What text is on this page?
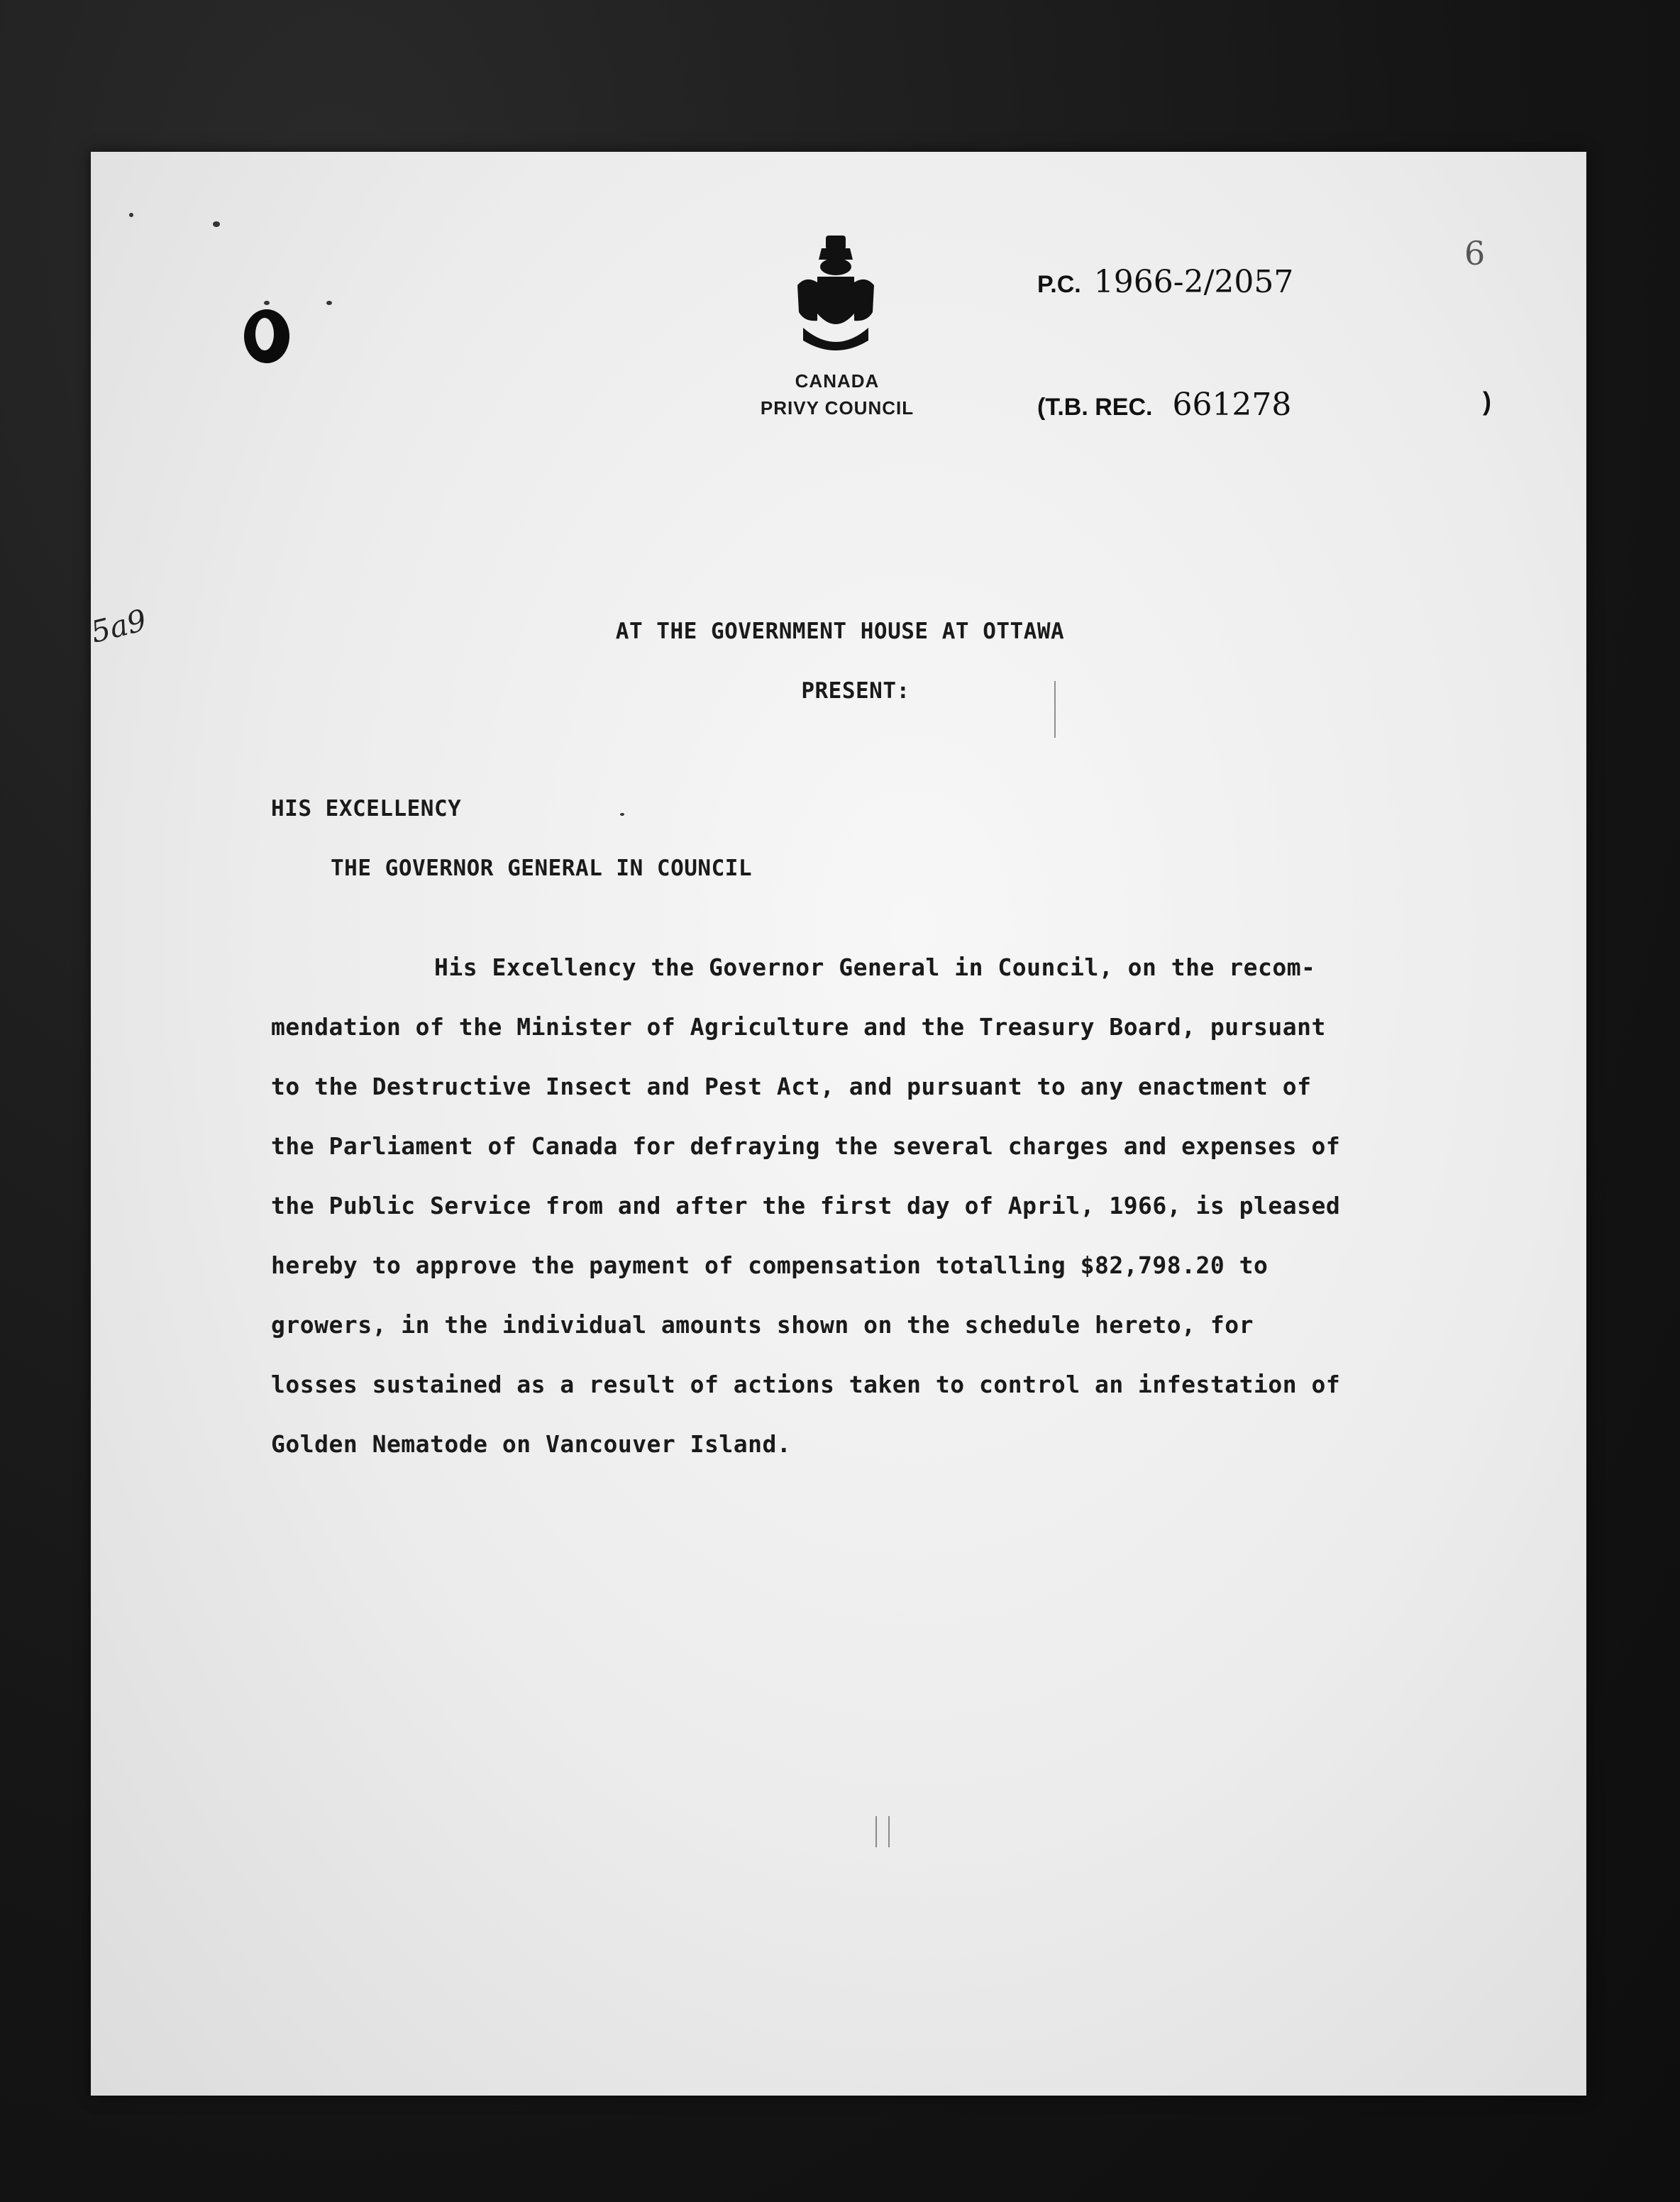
CANADA
PRIVY COUNCIL
P.C. 1966-2/2057
(T.B. REC. 661278	)
6
5a9	AT THE GOVERNMENT HOUSE AT OTTAWA
PRESENT:
HIS EXCELLENCY
THE GOVERNOR GENERAL IN COUNCIL
His Excellency the Governor General in Council, on the recom-
mendation of the Minister of Agriculture and the Treasury Board, pursuant
to the Destructive Insect and Pest Act, and pursuant to any enactment of
the Parliament of Canada for defraying the several charges and expenses of
the Public Service from and after the first day of April, 1966, is pleased
hereby to approve the payment of compensation totalling $82,798.20 to
growers, in the individual amounts shown on the schedule hereto, for
losses sustained as a result of actions taken to control an infestation of
Golden Nematode on Vancouver Island.
